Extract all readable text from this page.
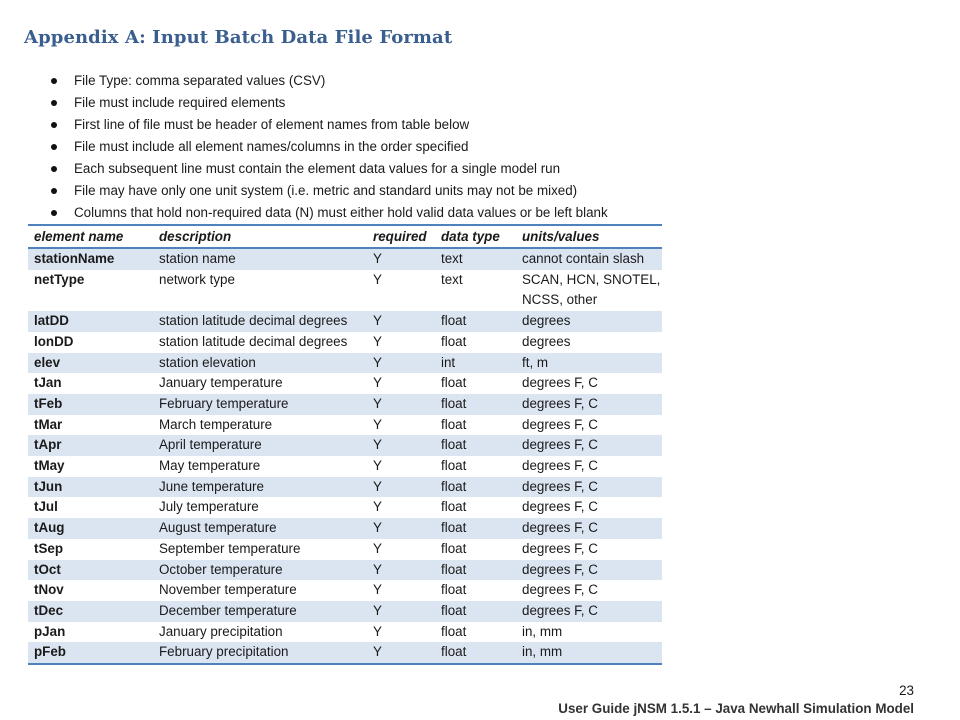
Appendix A: Input Batch Data File Format
File Type: comma separated values (CSV)
File must include required elements
First line of file must be header of element names from table below
File must include all element names/columns in the order specified
Each subsequent line must contain the element data values for a single model run
File may have only one unit system (i.e. metric and standard units may not be mixed)
Columns that hold non-required data (N) must either hold valid data values or be left blank
element name	description	required	data type	units/values
stationName	station name	Y	text	cannot contain slash
netType	network type	Y	text	SCAN, HCN, SNOTEL, NCSS, other
latDD	station latitude decimal degrees	Y	float	degrees
lonDD	station latitude decimal degrees	Y	float	degrees
elev	station elevation	Y	int	ft, m
tJan	January temperature	Y	float	degrees F, C
tFeb	February temperature	Y	float	degrees F, C
tMar	March temperature	Y	float	degrees F, C
tApr	April temperature	Y	float	degrees F, C
tMay	May temperature	Y	float	degrees F, C
tJun	June temperature	Y	float	degrees F, C
tJul	July temperature	Y	float	degrees F, C
tAug	August temperature	Y	float	degrees F, C
tSep	September temperature	Y	float	degrees F, C
tOct	October temperature	Y	float	degrees F, C
tNov	November temperature	Y	float	degrees F, C
tDec	December temperature	Y	float	degrees F, C
pJan	January precipitation	Y	float	in, mm
pFeb	February precipitation	Y	float	in, mm
23
User Guide jNSM 1.5.1 – Java Newhall Simulation Model
